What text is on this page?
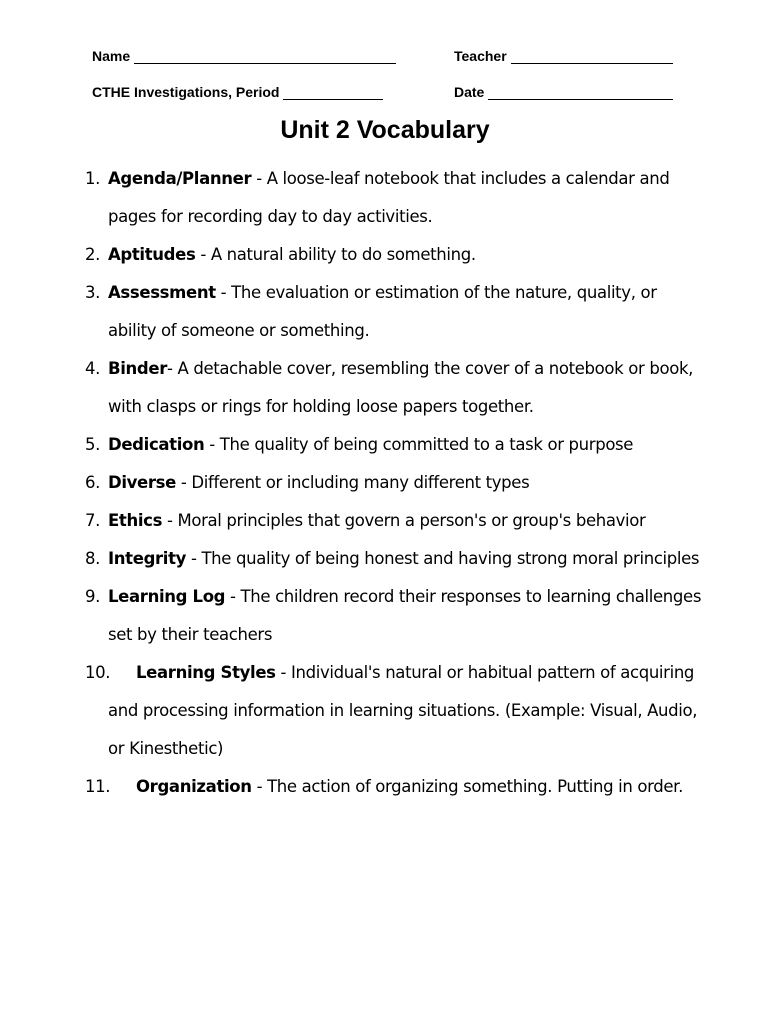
Name	Teacher
CTHE Investigations, Period	Date
Unit 2 Vocabulary
1. Agenda/Planner - A loose-leaf notebook that includes a calendar and pages for recording day to day activities.
2. Aptitudes - A natural ability to do something.
3. Assessment - The evaluation or estimation of the nature, quality, or ability of someone or something.
4. Binder- A detachable cover, resembling the cover of a notebook or book, with clasps or rings for holding loose papers together.
5. Dedication - The quality of being committed to a task or purpose
6. Diverse - Different or including many different types
7. Ethics - Moral principles that govern a person's or group's behavior
8. Integrity - The quality of being honest and having strong moral principles
9. Learning Log - The children record their responses to learning challenges set by their teachers
10.	Learning Styles - Individual's natural or habitual pattern of acquiring and processing information in learning situations. (Example: Visual, Audio, or Kinesthetic)
11.	Organization - The action of organizing something. Putting in order.
